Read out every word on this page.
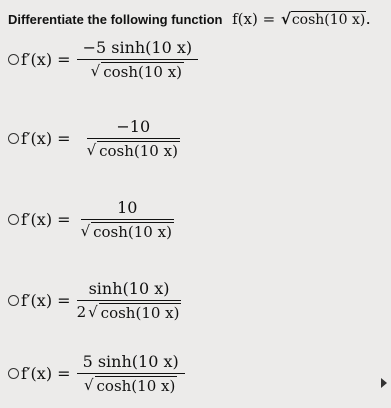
Differentiate the following function f(x) = √cosh(10 x).
$f'(x) = \frac{-5 \sinh(10 x)}{√ \cosh(10 x)}$
$f'(x) = \frac{-10}{√ \cosh(10 x)}$
$f'(x) = \frac{10}{√ \cosh(10 x)}$
$f'(x) = \frac{\sinh(10 x)}{2 √ \cosh(10 x)}$
$f'(x) = \frac{5 \sinh(10 x)}{√ \cosh(10 x)}$
